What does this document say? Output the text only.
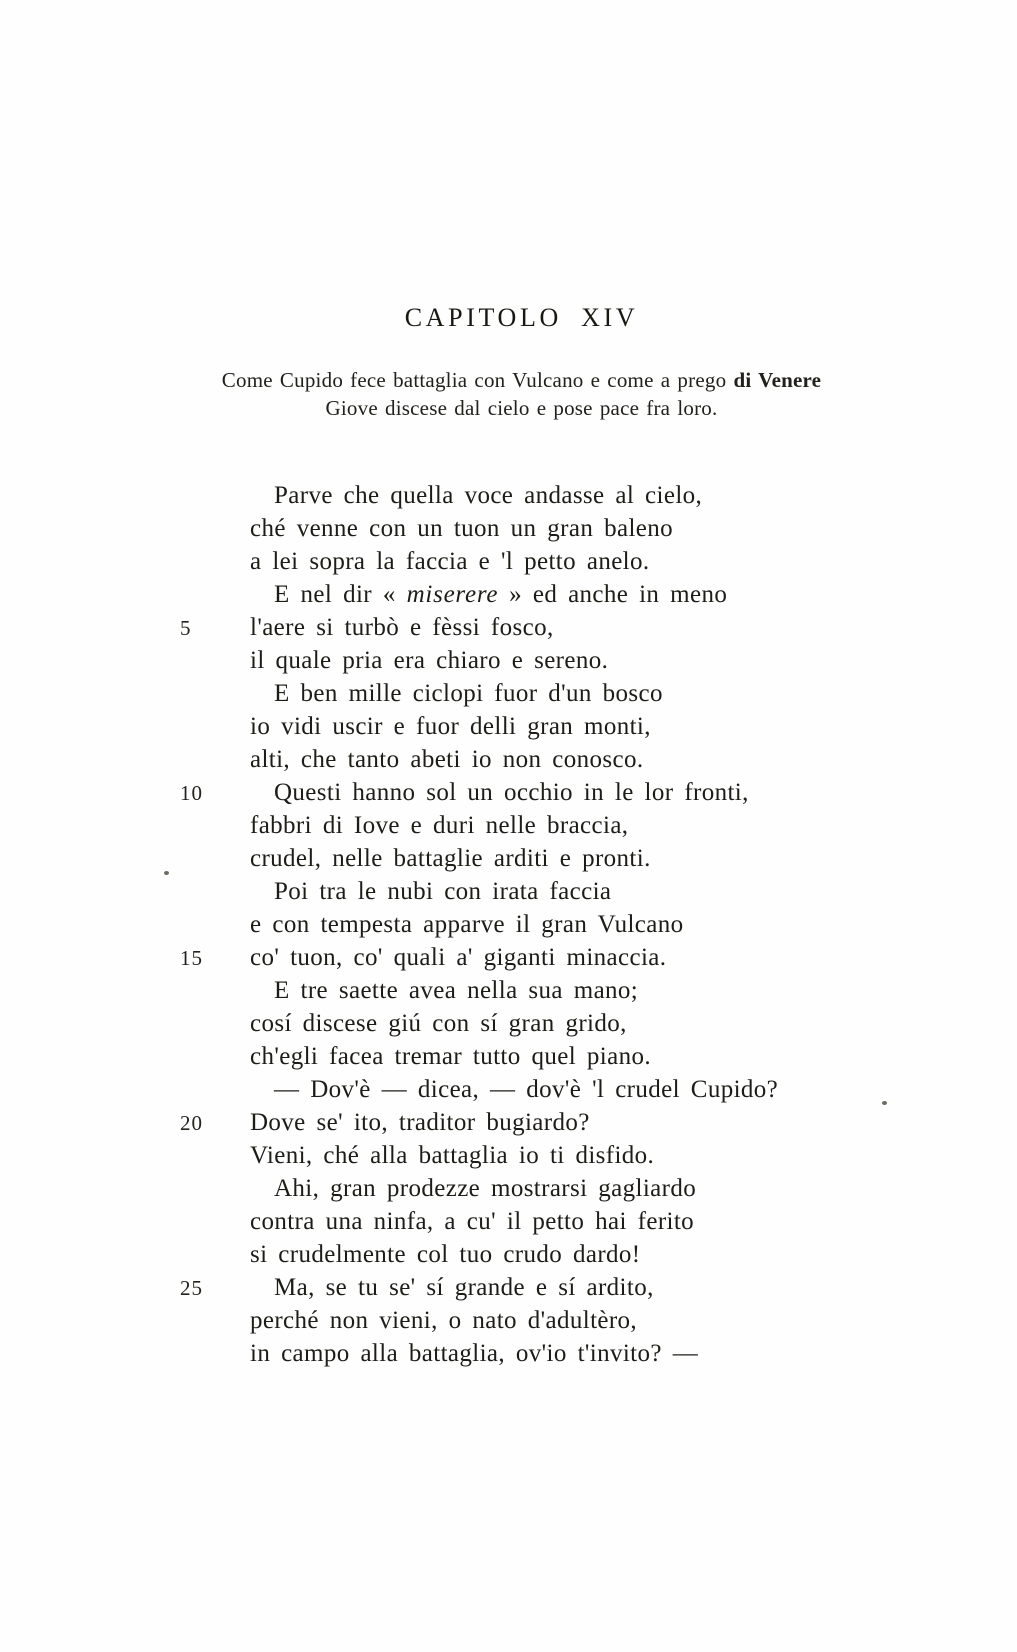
CAPITOLO XIV
Come Cupido fece battaglia con Vulcano e come a prego di Venere
Giove discese dal cielo e pose pace fra loro.
Parve che quella voce andasse al cielo,
ché venne con un tuon un gran baleno
a lei sopra la faccia e 'l petto anelo.
E nel dir « miserere » ed anche in meno
5	l'aere si turbò e fèssi fosco,
il quale pria era chiaro e sereno.
E ben mille ciclopi fuor d'un bosco
io vidi uscir e fuor delli gran monti,
alti, che tanto abeti io non conosco.
10	Questi hanno sol un occhio in le lor fronti,
fabbri di Iove e duri nelle braccia,
crudel, nelle battaglie arditi e pronti.
Poi tra le nubi con irata faccia
e con tempesta apparve il gran Vulcano
15	co' tuon, co' quali a' giganti minaccia.
E tre saette avea nella sua mano;
cosí discese giú con sí gran grido,
ch'egli facea tremar tutto quel piano.
— Dov'è — dicea, — dov'è 'l crudel Cupido?
20	Dove se' ito, traditor bugiardo?
Vieni, ché alla battaglia io ti disfido.
Ahi, gran prodezze mostrarsi gagliardo
contra una ninfa, a cu' il petto hai ferito
si crudelmente col tuo crudo dardo!
25	Ma, se tu se' sí grande e sí ardito,
perché non vieni, o nato d'adultèro,
in campo alla battaglia, ov'io t'invito? —
